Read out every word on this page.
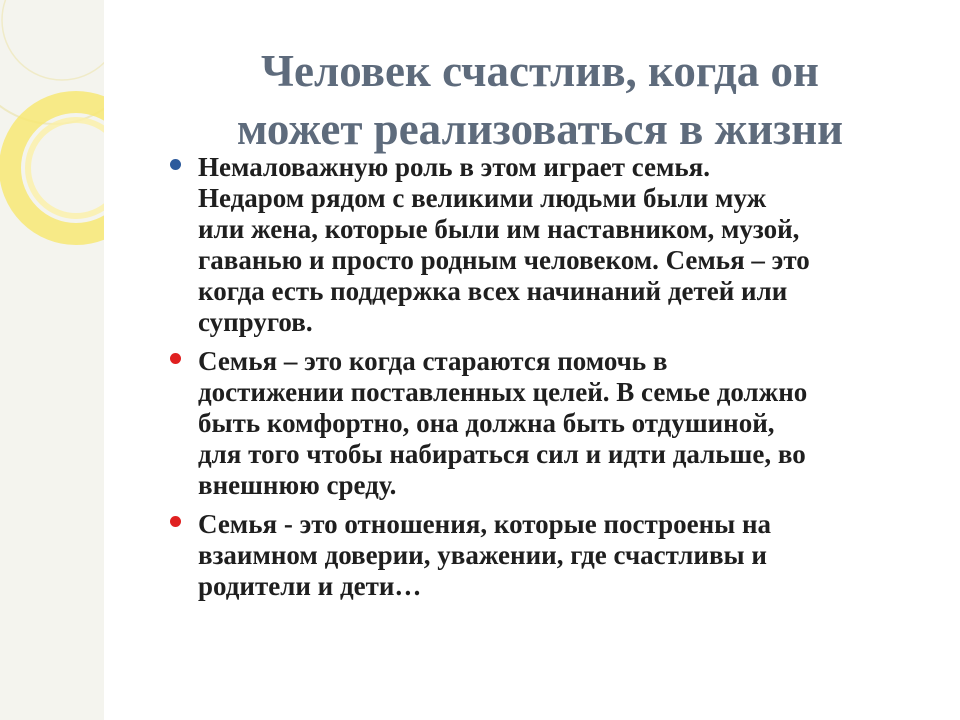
Человек счастлив, когда он
может реализоваться в жизни
Немаловажную роль в этом играет семья.
Недаром рядом с великими людьми были муж
или жена, которые были им наставником, музой,
гаванью и просто родным человеком. Семья – это
когда есть поддержка всех начинаний детей или
супругов.
Семья – это когда стараются помочь в
достижении поставленных целей. В семье должно
быть комфортно, она должна быть отдушиной,
для того чтобы набираться сил и идти дальше, во
внешнюю среду.
Семья - это отношения, которые построены на
взаимном доверии, уважении, где счастливы и
родители и дети…
